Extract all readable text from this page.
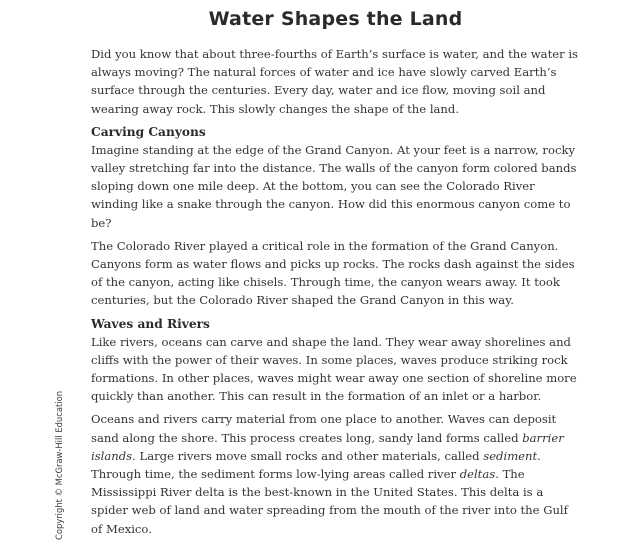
Water Shapes the Land

Did you know that about three-fourths of Earth’s surface is water, and the water is always moving? The natural forces of water and ice have slowly carved Earth’s surface through the centuries. Every day, water and ice flow, moving soil and wearing away rock. This slowly changes the shape of the land.

Carving Canyons

Imagine standing at the edge of the Grand Canyon. At your feet is a narrow, rocky valley stretching far into the distance. The walls of the canyon form colored bands sloping down one mile deep. At the bottom, you can see the Colorado River winding like a snake through the canyon. How did this enormous canyon come to be?

The Colorado River played a critical role in the formation of the Grand Canyon. Canyons form as water flows and picks up rocks. The rocks dash against the sides of the canyon, acting like chisels. Through time, the canyon wears away. It took centuries, but the Colorado River shaped the Grand Canyon in this way.

Waves and Rivers

Like rivers, oceans can carve and shape the land. They wear away shorelines and cliffs with the power of their waves. In some places, waves produce striking rock formations. In other places, waves might wear away one section of shoreline more quickly than another. This can result in the formation of an inlet or a harbor.

Oceans and rivers carry material from one place to another. Waves can deposit sand along the shore. This process creates long, sandy land forms called barrier islands. Large rivers move small rocks and other materials, called sediment. Through time, the sediment forms low-lying areas called river deltas. The Mississippi River delta is the best-known in the United States. This delta is a spider web of land and water spreading from the mouth of the river into the Gulf of Mexico.

Copyright © McGraw-Hill Education
